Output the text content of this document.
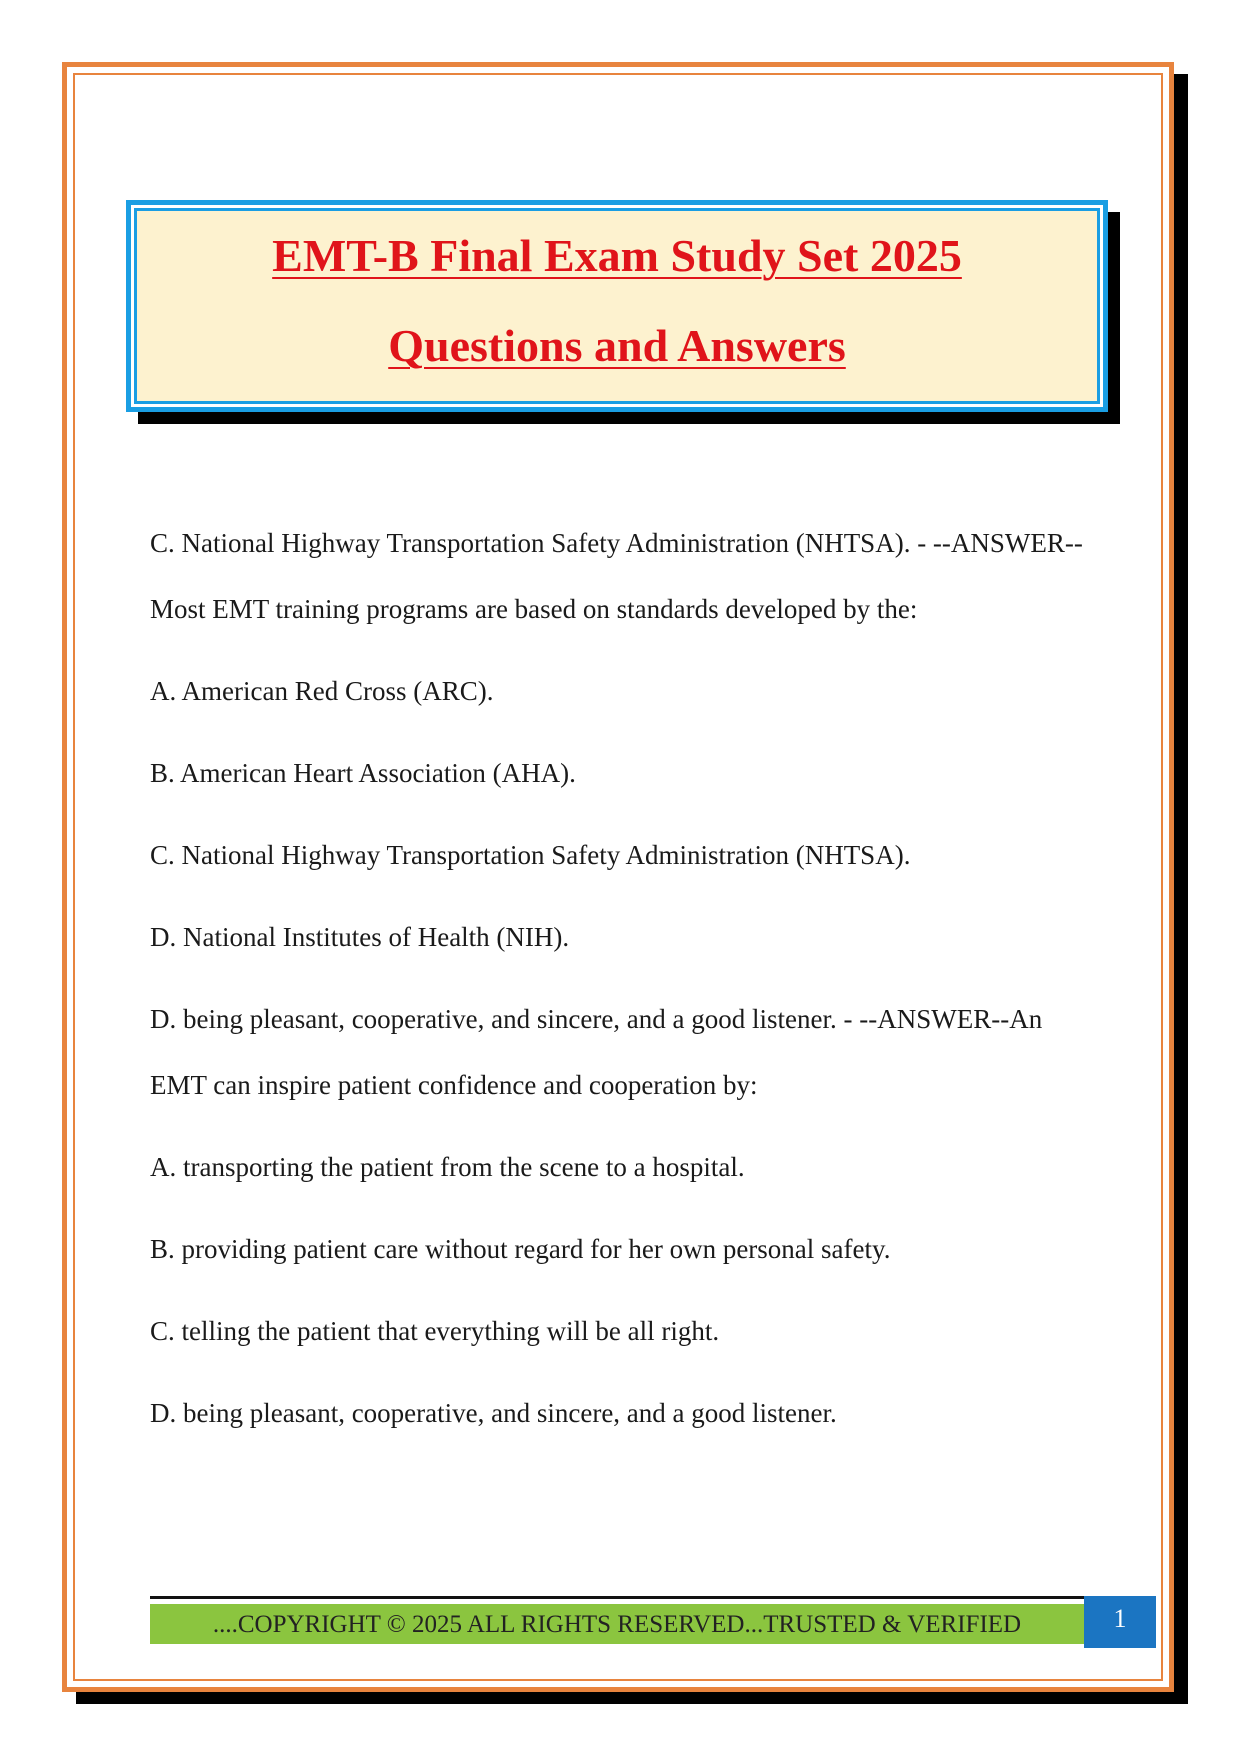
EMT-B Final Exam Study Set 2025
Questions and Answers

C. National Highway Transportation Safety Administration (NHTSA). - --ANSWER--Most EMT training programs are based on standards developed by the:

A. American Red Cross (ARC).

B. American Heart Association (AHA).

C. National Highway Transportation Safety Administration (NHTSA).

D. National Institutes of Health (NIH).

D. being pleasant, cooperative, and sincere, and a good listener. - --ANSWER--An EMT can inspire patient confidence and cooperation by:

A. transporting the patient from the scene to a hospital.

B. providing patient care without regard for her own personal safety.

C. telling the patient that everything will be all right.

D. being pleasant, cooperative, and sincere, and a good listener.

....COPYRIGHT © 2025 ALL RIGHTS RESERVED...TRUSTED & VERIFIED	1
